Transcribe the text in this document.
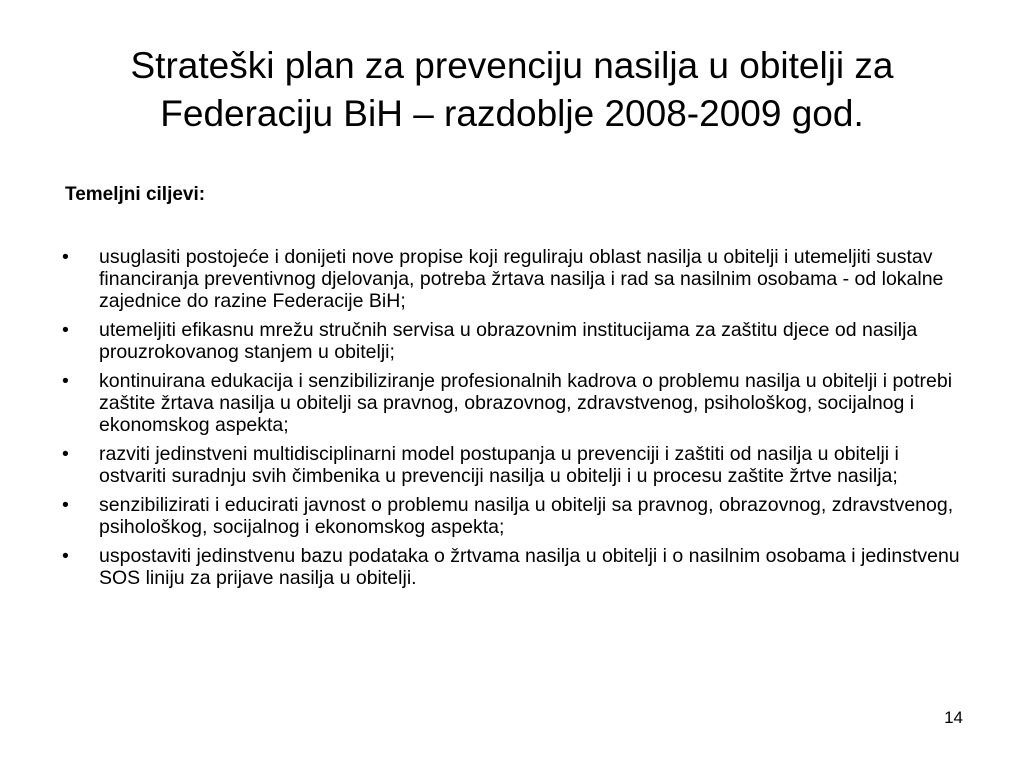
Strateški plan za prevenciju nasilja u obitelji za
Federaciju BiH – razdoblje 2008-2009 god.

Temeljni ciljevi:

•	usuglasiti postojeće i donijeti nove propise koji reguliraju oblast nasilja u obitelji i utemeljiti sustav financiranja preventivnog djelovanja, potreba žrtava nasilja i rad sa nasilnim osobama - od lokalne zajednice do razine Federacije BiH;
•	utemeljiti efikasnu mrežu stručnih servisa u obrazovnim institucijama za zaštitu djece od nasilja prouzrokovanog stanjem u obitelji;
•	kontinuirana edukacija i senzibiliziranje profesionalnih kadrova o problemu nasilja u obitelji i potrebi zaštite žrtava nasilja u obitelji sa pravnog, obrazovnog, zdravstvenog, psihološkog, socijalnog i ekonomskog aspekta;
•	razviti jedinstveni multidisciplinarni model postupanja u prevenciji i zaštiti od nasilja u obitelji i ostvariti suradnju svih čimbenika u prevenciji nasilja u obitelji i u procesu zaštite žrtve nasilja;
•	senzibilizirati i educirati javnost o problemu nasilja u obitelji sa pravnog, obrazovnog, zdravstvenog, psihološkog, socijalnog i ekonomskog aspekta;
•	uspostaviti jedinstvenu bazu podataka o žrtvama nasilja u obitelji i o nasilnim osobama i jedinstvenu SOS liniju za prijave nasilja u obitelji.
14
